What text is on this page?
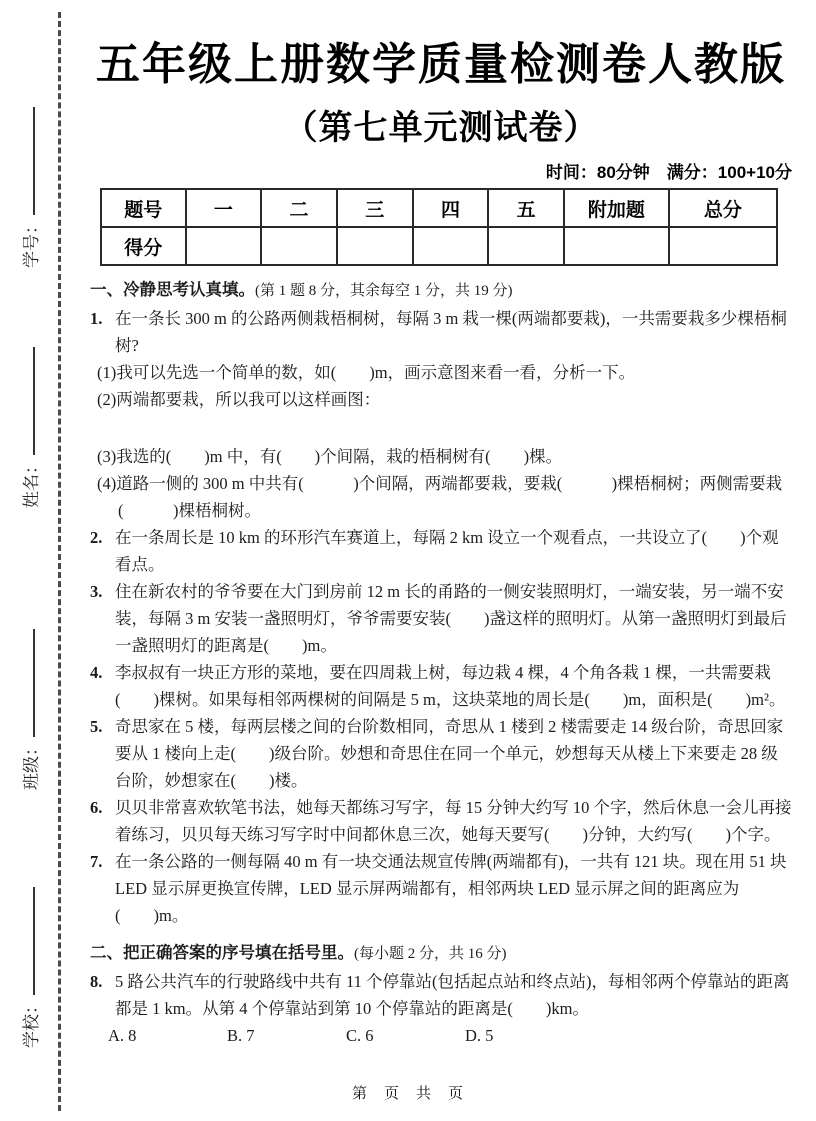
学号：
姓名：
班级：
学校：
五年级上册数学质量检测卷人教版
（第七单元测试卷）
时间：80分钟　满分：100+10分
题号	一	二	三	四	五	附加题	总分
得分							
一、冷静思考认真填。(第 1 题 8 分，其余每空 1 分，共 19 分)
1. 在一条长 300 m 的公路两侧栽梧桐树，每隔 3 m 栽一棵(两端都要栽)，一共需要栽多少棵梧桐树?
(1)我可以先选一个简单的数，如(　　)m，画示意图来看一看，分析一下。
(2)两端都要栽，所以我可以这样画图：
(3)我选的(　　)m 中，有(　　)个间隔，栽的梧桐树有(　　)棵。
(4)道路一侧的 300 m 中共有(　　　)个间隔，两端都要栽，要栽(　　　)棵梧桐树；两侧需要栽(　　　)棵梧桐树。
2. 在一条周长是 10 km 的环形汽车赛道上，每隔 2 km 设立一个观看点，一共设立了(　　)个观看点。
3. 住在新农村的爷爷要在大门到房前 12 m 长的甬路的一侧安装照明灯，一端安装，另一端不安装，每隔 3 m 安装一盏照明灯，爷爷需要安装(　　)盏这样的照明灯。从第一盏照明灯到最后一盏照明灯的距离是(　　)m。
4. 李叔叔有一块正方形的菜地，要在四周栽上树，每边栽 4 棵，4 个角各栽 1 棵，一共需要栽(　　)棵树。如果每相邻两棵树的间隔是 5 m，这块菜地的周长是(　　)m，面积是(　　)m²。
5. 奇思家在 5 楼，每两层楼之间的台阶数相同，奇思从 1 楼到 2 楼需要走 14 级台阶，奇思回家要从 1 楼向上走(　　)级台阶。妙想和奇思住在同一个单元，妙想每天从楼上下来要走 28 级台阶，妙想家在(　　)楼。
6. 贝贝非常喜欢软笔书法，她每天都练习写字，每 15 分钟大约写 10 个字，然后休息一会儿再接着练习，贝贝每天练习写字时中间都休息三次，她每天要写(　　)分钟，大约写(　　)个字。
7. 在一条公路的一侧每隔 40 m 有一块交通法规宣传牌(两端都有)，一共有 121 块。现在用 51 块 LED 显示屏更换宣传牌，LED 显示屏两端都有，相邻两块 LED 显示屏之间的距离应为(　　)m。
二、把正确答案的序号填在括号里。(每小题 2 分，共 16 分)
8. 5 路公共汽车的行驶路线中共有 11 个停靠站(包括起点站和终点站)，每相邻两个停靠站的距离都是 1 km。从第 4 个停靠站到第 10 个停靠站的距离是(　　)km。
A. 8	B. 7	C. 6	D. 5
第　页　共　页
